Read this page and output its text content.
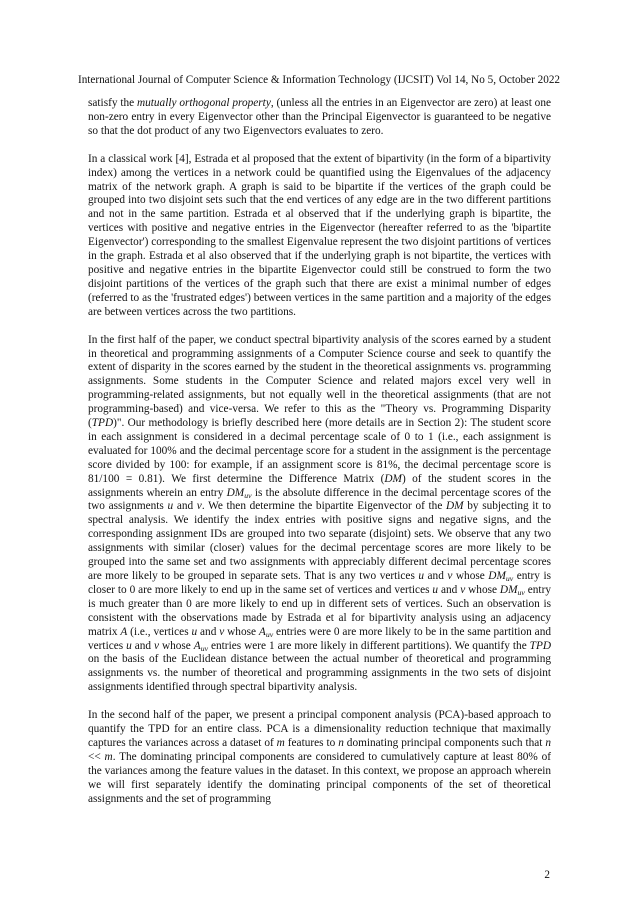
International Journal of Computer Science & Information Technology (IJCSIT) Vol 14, No 5, October 2022

satisfy the mutually orthogonal property, (unless all the entries in an Eigenvector are zero) at least one non-zero entry in every Eigenvector other than the Principal Eigenvector is guaranteed to be negative so that the dot product of any two Eigenvectors evaluates to zero.

In a classical work [4], Estrada et al proposed that the extent of bipartivity (in the form of a bipartivity index) among the vertices in a network could be quantified using the Eigenvalues of the adjacency matrix of the network graph. A graph is said to be bipartite if the vertices of the graph could be grouped into two disjoint sets such that the end vertices of any edge are in the two different partitions and not in the same partition. Estrada et al observed that if the underlying graph is bipartite, the vertices with positive and negative entries in the Eigenvector (hereafter referred to as the 'bipartite Eigenvector') corresponding to the smallest Eigenvalue represent the two disjoint partitions of vertices in the graph. Estrada et al also observed that if the underlying graph is not bipartite, the vertices with positive and negative entries in the bipartite Eigenvector could still be construed to form the two disjoint partitions of the vertices of the graph such that there are exist a minimal number of edges (referred to as the 'frustrated edges') between vertices in the same partition and a majority of the edges are between vertices across the two partitions.

In the first half of the paper, we conduct spectral bipartivity analysis of the scores earned by a student in theoretical and programming assignments of a Computer Science course and seek to quantify the extent of disparity in the scores earned by the student in the theoretical assignments vs. programming assignments. Some students in the Computer Science and related majors excel very well in programming-related assignments, but not equally well in the theoretical assignments (that are not programming-based) and vice-versa. We refer to this as the "Theory vs. Programming Disparity (TPD)". Our methodology is briefly described here (more details are in Section 2): The student score in each assignment is considered in a decimal percentage scale of 0 to 1 (i.e., each assignment is evaluated for 100% and the decimal percentage score for a student in the assignment is the percentage score divided by 100: for example, if an assignment score is 81%, the decimal percentage score is 81/100 = 0.81). We first determine the Difference Matrix (DM) of the student scores in the assignments wherein an entry $DM_{uv}$ is the absolute difference in the decimal percentage scores of the two assignments u and v. We then determine the bipartite Eigenvector of the DM by subjecting it to spectral analysis. We identify the index entries with positive signs and negative signs, and the corresponding assignment IDs are grouped into two separate (disjoint) sets. We observe that any two assignments with similar (closer) values for the decimal percentage scores are more likely to be grouped into the same set and two assignments with appreciably different decimal percentage scores are more likely to be grouped in separate sets. That is any two vertices u and v whose $DM_{uv}$ entry is closer to 0 are more likely to end up in the same set of vertices and vertices u and v whose $DM_{uv}$ entry is much greater than 0 are more likely to end up in different sets of vertices. Such an observation is consistent with the observations made by Estrada et al for bipartivity analysis using an adjacency matrix A (i.e., vertices u and v whose $A_{uv}$ entries were 0 are more likely to be in the same partition and vertices u and v whose $A_{uv}$ entries were 1 are more likely in different partitions). We quantify the TPD on the basis of the Euclidean distance between the actual number of theoretical and programming assignments vs. the number of theoretical and programming assignments in the two sets of disjoint assignments identified through spectral bipartivity analysis.

In the second half of the paper, we present a principal component analysis (PCA)-based approach to quantify the TPD for an entire class. PCA is a dimensionality reduction technique that maximally captures the variances across a dataset of m features to n dominating principal components such that n << m. The dominating principal components are considered to cumulatively capture at least 80% of the variances among the feature values in the dataset. In this context, we propose an approach wherein we will first separately identify the dominating principal components of the set of theoretical assignments and the set of programming

2
